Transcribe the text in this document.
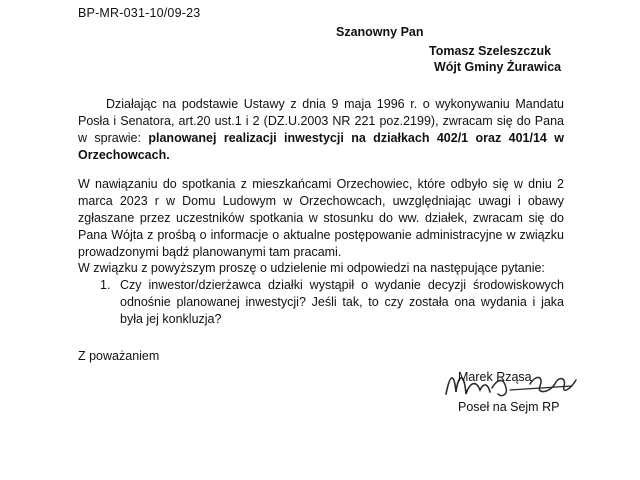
BP-MR-031-10/09-23
Szanowny Pan
Tomasz Szeleszczuk
Wójt Gminy Żurawica
Działając na podstawie Ustawy z dnia 9 maja 1996 r. o wykonywaniu Mandatu Posła i Senatora, art.20 ust.1 i 2 (DZ.U.2003 NR 221 poz.2199), zwracam się do Pana w sprawie: planowanej realizacji inwestycji na działkach 402/1 oraz 401/14 w Orzechowcach.
W nawiązaniu do spotkania z mieszkańcami Orzechowiec, które odbyło się w dniu 2 marca 2023 r w Domu Ludowym w Orzechowcach, uwzględniając uwagi i obawy zgłaszane przez uczestników spotkania w stosunku do ww. działek, zwracam się do Pana Wójta z prośbą o informacje o aktualne postępowanie administracyjne w związku prowadzonymi bądź planowanymi tam pracami.
W związku z powyższym proszę o udzielenie mi odpowiedzi na następujące pytanie:
1. Czy inwestor/dzierżawca działki wystąpił o wydanie decyzji środowiskowych odnośnie planowanej inwestycji? Jeśli tak, to czy została ona wydania i jaka była jej konkluzja?
Z poważaniem
Marek Rząsa
Poseł na Sejm RP
